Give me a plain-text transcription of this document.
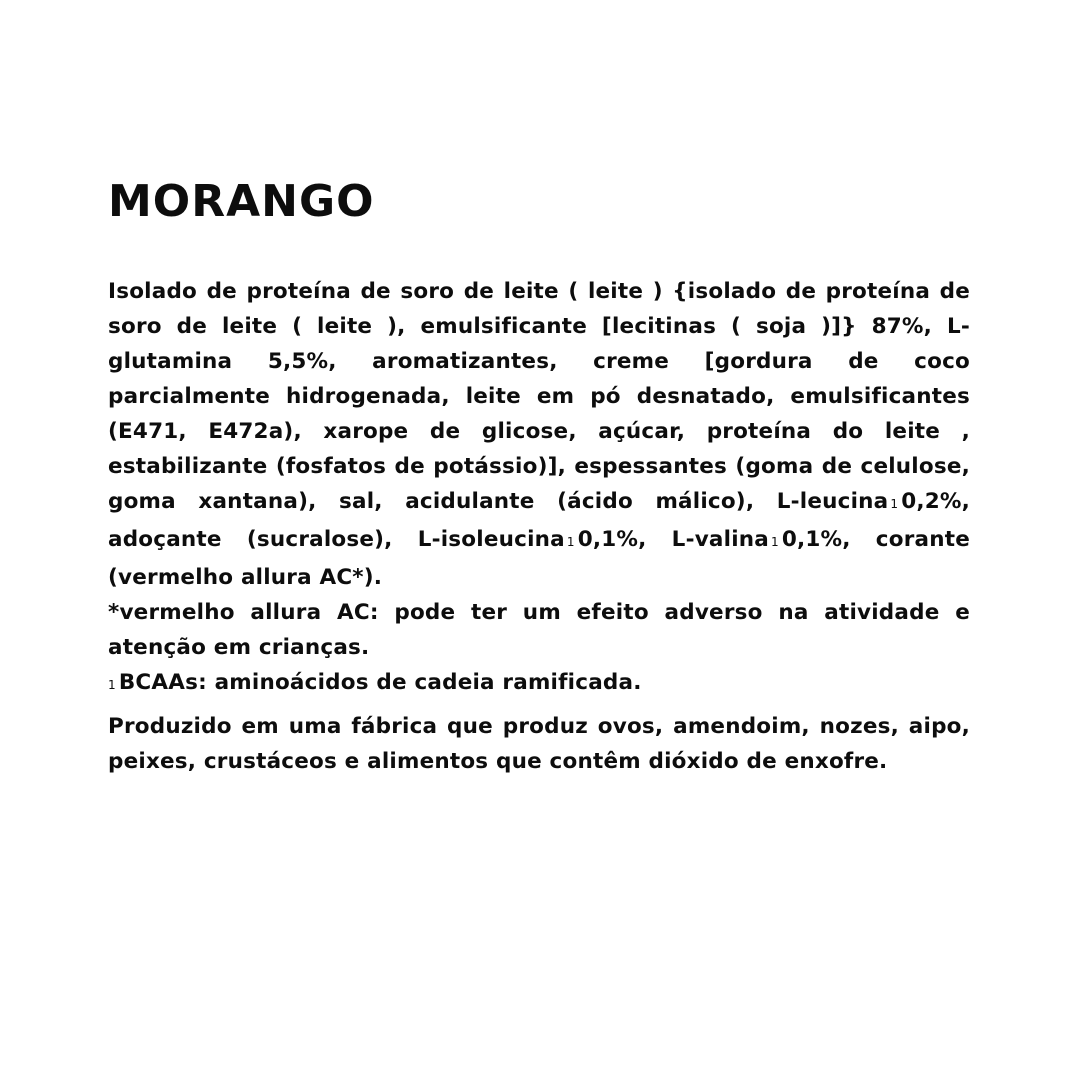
MORANGO

Isolado de proteína de soro de leite ( leite ) {isolado de proteína de soro de leite ( leite ), emulsificante [lecitinas ( soja )]} 87%, L-glutamina 5,5%, aromatizantes, creme [gordura de coco parcialmente hidrogenada, leite em pó desnatado, emulsificantes (E471, E472a), xarope de glicose, açúcar, proteína do leite , estabilizante (fosfatos de potássio)], espessantes (goma de celulose, goma xantana), sal, acidulante (ácido málico), L-leucina 1 0,2%, adoçante (sucralose), L-isoleucina 1 0,1%, L-valina 1 0,1%, corante (vermelho allura AC*).

*vermelho allura AC: pode ter um efeito adverso na atividade e atenção em crianças.

1 BCAAs: aminoácidos de cadeia ramificada.

Produzido em uma fábrica que produz ovos, amendoim, nozes, aipo, peixes, crustáceos e alimentos que contêm dióxido de enxofre.
